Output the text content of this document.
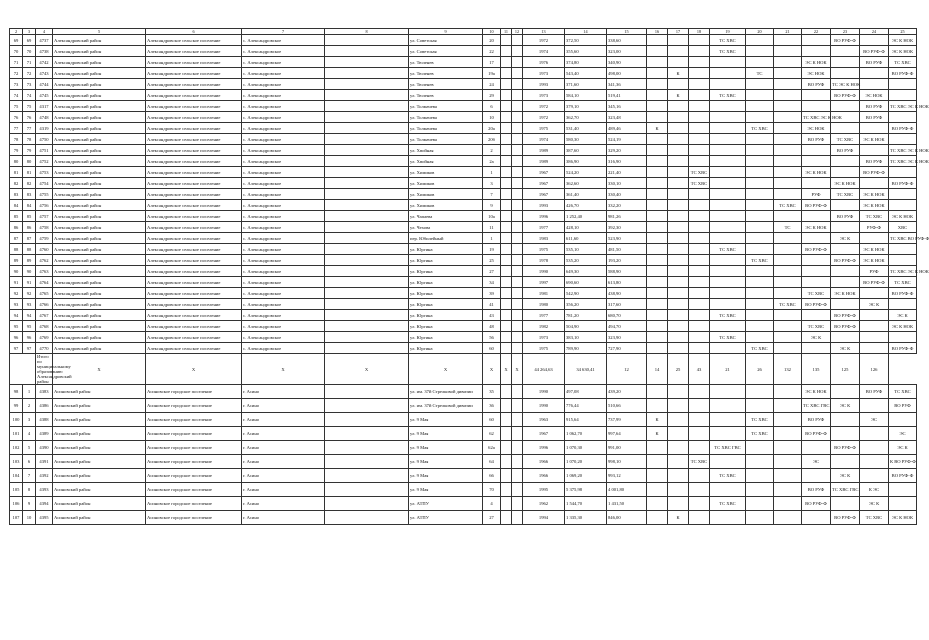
2	3	4	5	6	7	8	9	10	11	12	13	14	15	16	17	18	19	20	21	22	23	24	25
69	69	4737	Александровский район	Александровское сельское поселение	с. Александровское		ул. Советская	20			1972	372,50	338,60				ТС ХВС				ВО РУФ-Ф		ЭС К НОК
70	70	4738	Александровский район	Александровское сельское поселение	с. Александровское		ул. Советская	22			1974	355,60	323,00				ТС ХВС					ВО РУФ-Ф	ЭС К НОК
71	71	4742	Александровский район	Александровское сельское поселение	с. Александровское		ул. Тюленев	17			1976	374,80	340,90							ЭС К НОК		ВО РУФ	ТС ХВС
72	72	4743	Александровский район	Александровское сельское поселение	с. Александровское		ул. Тюленев	19а			1973	543,40	498,00		К			ТС		ЭС НОК			ВО РУФ-Ф
73	73	4744	Александровский район	Александровское сельское поселение	с. Александровское		ул. Тюленев	24			1993	371,60	341,36							ВО РУФ	ТС ЭС К НОК		
74	74	4745	Александровский район	Александровское сельское поселение	с. Александровское		ул. Тюленев	29			1973	584,10	519,41		К		ТС ХВС				ВО РУФ-Ф	ЭС НОК	
75	75	4317	Александровский район	Александровское сельское поселение	с. Александровское		ул. Толмачева	6			1972	379,10	345,16									ВО РУФ	ТС ХВС ЭС К НОК
76	76	4748	Александровский район	Александровское сельское поселение	с. Александровское		ул. Толмачева	10			1972	362,70	323,48							ТС ХВС ЭС К НОК		ВО РУФ	
77	77	4319	Александровский район	Александровское сельское поселение	с. Александровское		ул. Толмачева	20а			1975	531,40	489,46	К				ТС ХВС		ЭС НОК			ВО РУФ-Ф
78	78	4750	Александровский район	Александровское сельское поселение	с. Александровское		ул. Толмачева	20б			1974	580,30	524,19							ВО РУФ	ТС ХВС	ЭС К НОК	
79	79	4751	Александровский район	Александровское сельское поселение	с. Александровское		ул. Хвойная	2			1989	387,60	329,20								ВО РУФ		ТС ХВС ЭС К НОК
80	80	4752	Александровский район	Александровское сельское поселение	с. Александровское		ул. Хвойная	2а			1989	386,90	316,90									ВО РУФ	ТС ХВС ЭС К НОК
81	81	4753	Александровский район	Александровское сельское поселение	с. Александровское		ул. Химиков	1			1967	524,20	221,40			ТС ХВС				ЭС К НОК		ВО РУФ-Ф	
82	82	4754	Александровский район	Александровское сельское поселение	с. Александровское		ул. Химиков	3			1967	362,60	330,10			ТС ХВС					ЭС К НОК		ВО РУФ-Ф
83	83	4755	Александровский район	Александровское сельское поселение	с. Александровское		ул. Химиков	7			1967	361,40	330,40							РУФ	ТС ХВС	ЭС К НОК	
84	84	4756	Александровский район	Александровское сельское поселение	с. Александровское		ул. Химиков	9			1993	426,70	332,20						ТС ХВС	ВО РУФ-Ф		ЭС К НОК	
85	85	4757	Александровский район	Александровское сельское поселение	с. Александровское		ул. Чапаева	10а			1996	1 252,40	981,26								ВО РУФ	ТС ХВС	ЭС К НОК
86	86	4758	Александровский район	Александровское сельское поселение	с. Александровское		ул. Чехова	11			1977	428,10	392,30						ТС	ЭС К НОК		РУФ-Ф	ХВС
87	87	4759	Александровский район	Александровское сельское поселение	с. Александровское		пер. Юбилейный	1			1983	611,60	523,90								ЭС К		ТС ХВС ВО РУФ-Ф
88	88	4760	Александровский район	Александровское сельское поселение	с. Александровское		ул. Юргина	19			1975	535,10	481,50				ТС ХВС			ВО РУФ-Ф		ЭС К НОК	
89	89	4762	Александровский район	Александровское сельское поселение	с. Александровское		ул. Юргина	25			1978	535,20	193,20					ТС ХВС			ВО РУФ-Ф	ЭС К НОК	
90	90	4763	Александровский район	Александровское сельское поселение	с. Александровское		ул. Юргина	27			1990	649,30	588,90									РУФ	ТС ХВС ЭС К НОК
91	91	4764	Александровский район	Александровское сельское поселение	с. Александровское		ул. Юргина	34			1997	690,60	613,80									ВО РУФ-Ф	ТС ХВС
92	92	4765	Александровский район	Александровское сельское поселение	с. Александровское		ул. Юргина	39			1981	542,90	438,90							ТС ХВС	ЭС К НОК		ВО РУФ-Ф
93	93	4766	Александровский район	Александровское сельское поселение	с. Александровское		ул. Юргина	41			1980	356,20	317,60						ТС ХВС	ВО РУФ-Ф		ЭС К	
94	94	4767	Александровский район	Александровское сельское поселение	с. Александровское		ул. Юргина	43			1977	781,20	680,70				ТС ХВС				ВО РУФ-Ф		ЭС К
95	95	4768	Александровский район	Александровское сельское поселение	с. Александровское		ул. Юргина	48			1982	504,90	494,70							ТС ХВС	ВО РУФ-Ф		ЭС К НОК
96	96	4769	Александровский район	Александровское сельское поселение	с. Александровское		ул. Юргина	56			1973	383,10	323,90				ТС ХВС			ЭС К			
97	97	4770	Александровский район	Александровское сельское поселение	с. Александровское		ул. Юргина	60			1975	789,90	727,90					ТС ХВС			ЭС К		ВО РУФ-Ф
		Итого по муниципальному образованию Александровский район	X	X	X	X	X	X	X	X	44 264,63	34 630,41	12	14	25	43	21	26	132	135	125	126	
98	1	4383	Асиновский район	Асиновское городское поселение	г. Асино		ул. им. 37й Стрелковой дивизии	35			1990	497,08	439,20							ЭС К НОК		ВО РУФ	ТС ХВС
99	2	4386	Асиновский район	Асиновское городское поселение	г. Асино		ул. им. 37й Стрелковой дивизии	36			1990	776,44	510,66							ТС ХВС ГВС	ЭС К		ВО РУФ
100	3	4388	Асиновский район	Асиновское городское поселение	г. Асино		ул. 9 Мая	60			1963	915,64	737,99	К				ТС ХВС		ВО РУФ		ЭС	
101	4	4389	Асиновский район	Асиновское городское поселение	г. Асино		ул. 9 Мая	62			1967	1 062,70	997,64	К				ТС ХВС		ВО РУФ-Ф			ЭС
102	5	4390	Асиновский район	Асиновское городское поселение	г. Асино		ул. 9 Мая	62а			1996	1 070,30	991,00				ТС ХВС ГВС				ВО РУФ-Ф		ЭС К
103	6	4391	Асиновский район	Асиновское городское поселение	г. Асино		ул. 9 Мая	64			1966	1 070,20	998,10			ТС ХВС				ЭС			К ВО РУФ-Ф
104	7	4392	Асиновский район	Асиновское городское поселение	г. Асино		ул. 9 Мая	66			1966	1 069,20	993,12				ТС ХВС				ЭС К		ВО РУФ-Ф
105	8	4393	Асиновский район	Асиновское городское поселение	г. Асино		ул. 9 Мая	70			1995	5 375,98	4 001,80							ВО РУФ	ТС ХВС ГВС	К ЭС	
106	9	4394	Асиновский район	Асиновское городское поселение	г. Асино		ул. АТПУ	4			1962	1 544,70	1 431,50				ТС ХВС			ВО РУФ-Ф		ЭС К	
107	10	4395	Асиновский район	Асиновское городское поселение	г. Асино		ул. АТПУ	27			1994	1 335,30	846,00		К						ВО РУФ-Ф	ТС ХВС	ЭС К НОК
